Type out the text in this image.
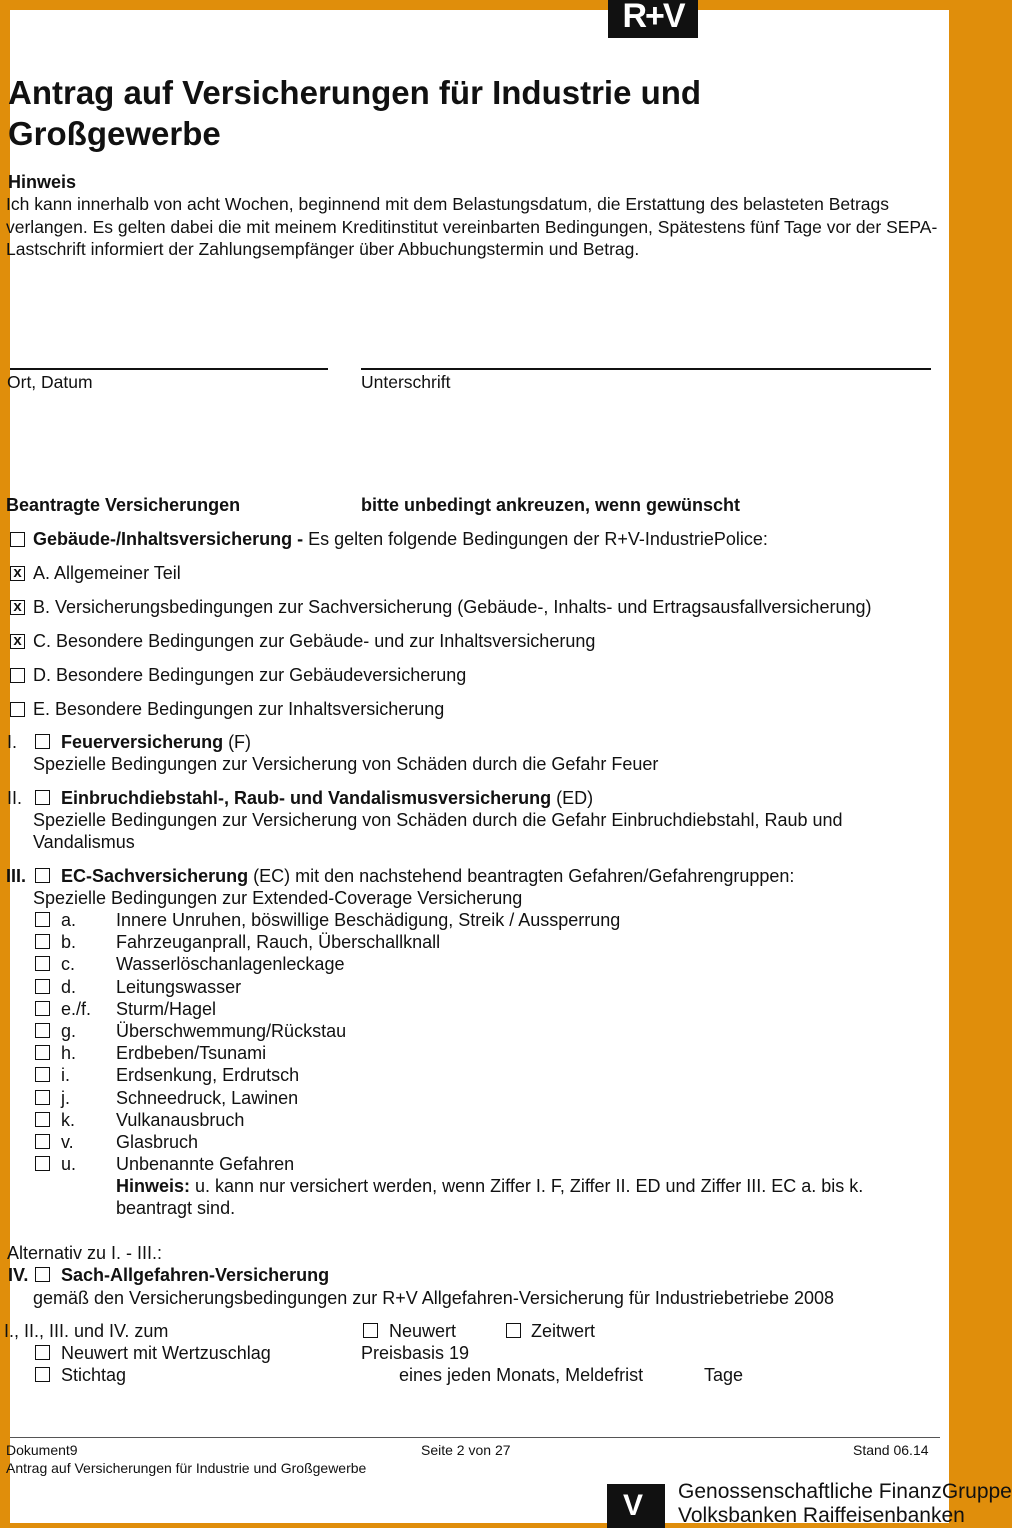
R+V
Antrag auf Versicherungen für Industrie und Großgewerbe
Hinweis
Ich kann innerhalb von acht Wochen, beginnend mit dem Belastungsdatum, die Erstattung des belasteten Betrags verlangen. Es gelten dabei die mit meinem Kreditinstitut vereinbarten Bedingungen, Spätestens fünf Tage vor der SEPA-Lastschrift informiert der Zahlungsempfänger über Abbuchungstermin und Betrag.
Ort, Datum	Unterschrift
Beantragte Versicherungen	bitte unbedingt ankreuzen, wenn gewünscht
Gebäude-/Inhaltsversicherung - Es gelten folgende Bedingungen der R+V-IndustriePolice:
x A. Allgemeiner Teil
x B. Versicherungsbedingungen zur Sachversicherung (Gebäude-, Inhalts- und Ertragsausfallversicherung)
x C. Besondere Bedingungen zur Gebäude- und zur Inhaltsversicherung
D. Besondere Bedingungen zur Gebäudeversicherung
E. Besondere Bedingungen zur Inhaltsversicherung
I. Feuerversicherung (F)
Spezielle Bedingungen zur Versicherung von Schäden durch die Gefahr Feuer
II. Einbruchdiebstahl-, Raub- und Vandalismusversicherung (ED)
Spezielle Bedingungen zur Versicherung von Schäden durch die Gefahr Einbruchdiebstahl, Raub und
Vandalismus
III. EC-Sachversicherung (EC) mit den nachstehend beantragten Gefahren/Gefahrengruppen:
Spezielle Bedingungen zur Extended-Coverage Versicherung
a. Innere Unruhen, böswillige Beschädigung, Streik / Aussperrung
b. Fahrzeuganprall, Rauch, Überschallknall
c. Wasserlöschanlagenleckage
d. Leitungswasser
e./f. Sturm/Hagel
g. Überschwemmung/Rückstau
h. Erdbeben/Tsunami
i.	Erdsenkung, Erdrutsch
j.	Schneedruck, Lawinen
k. Vulkanausbruch
v. Glasbruch
u. Unbenannte Gefahren
Hinweis: u. kann nur versichert werden, wenn Ziffer I. F, Ziffer II. ED und Ziffer III. EC a. bis k.
beantragt sind.
Alternativ zu I. - III.:
IV. Sach-Allgefahren-Versicherung
gemäß den Versicherungsbedingungen zur R+V Allgefahren-Versicherung für Industriebetriebe 2008
I., II., III. und IV. zum	Neuwert	Zeitwert
Neuwert mit Wertzuschlag	Preisbasis 19
Stichtag	eines jeden Monats, Meldefrist	Tage
Dokument9
Antrag auf Versicherungen für Industrie und Großgewerbe
Seite 2 von 27	Stand 06.14
V Genossenschaftliche FinanzGruppe
Volksbanken Raiffeisenbanken
